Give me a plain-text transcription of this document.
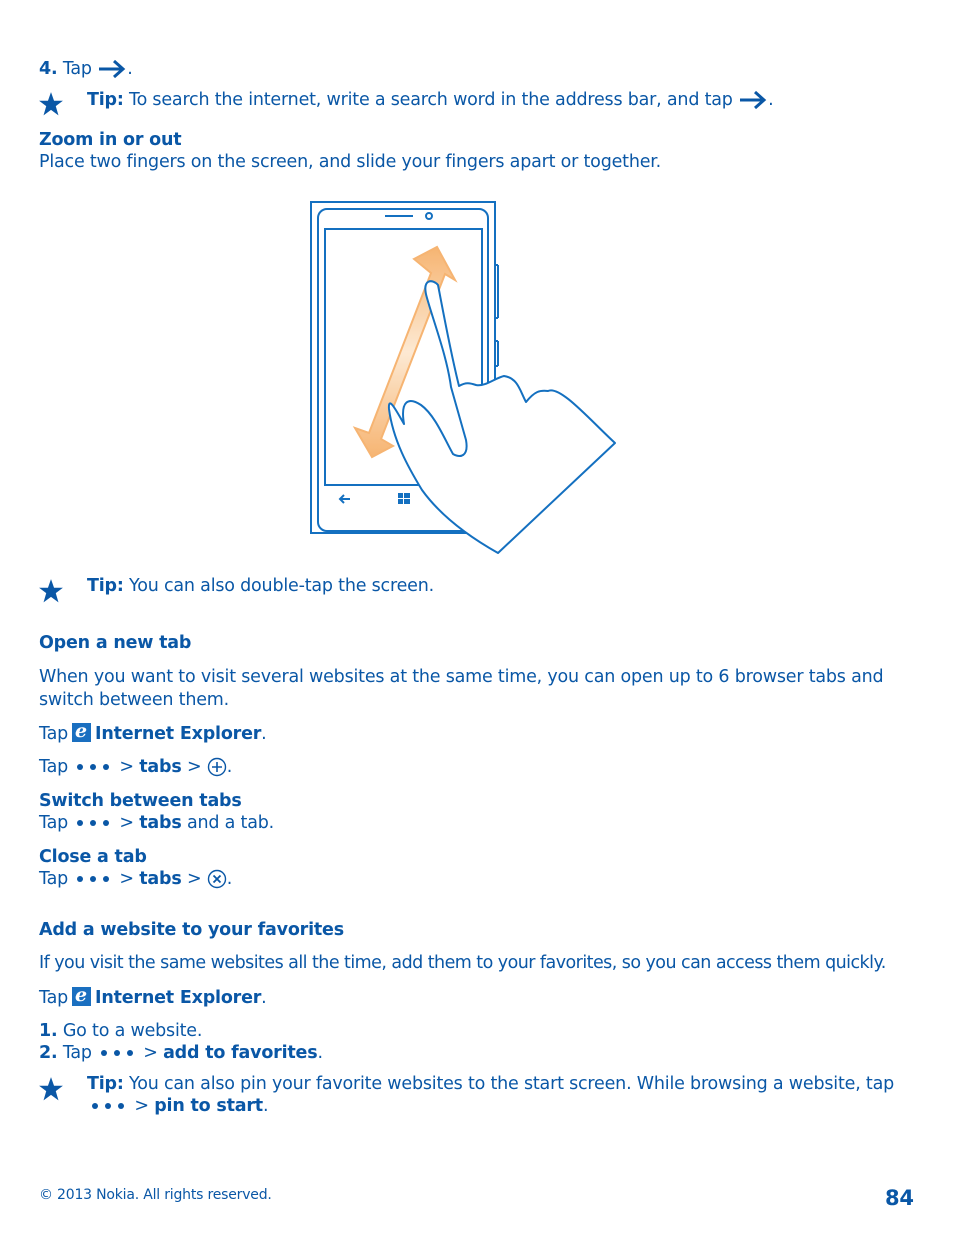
4. Tap .
Tip: To search the internet, write a search word in the address bar, and tap .
Zoom in or out
Place two fingers on the screen, and slide your fingers apart or together.
Tip: You can also double-tap the screen.
Open a new tab
When you want to visit several websites at the same time, you can open up to 6 browser tabs and
switch between them.
Tap e Internet Explorer.
Tap	> tabs > .
Switch between tabs
Tap	> tabs and a tab.
Close a tab
Tap	> tabs > .
Add a website to your favorites
If you visit the same websites all the time, add them to your favorites, so you can access them quickly.
Tap e Internet Explorer.
1. Go to a website.
2. Tap	> add to favorites.
Tip: You can also pin your favorite websites to the start screen. While browsing a website, tap
> pin to start.
© 2013 Nokia. All rights reserved.	84
